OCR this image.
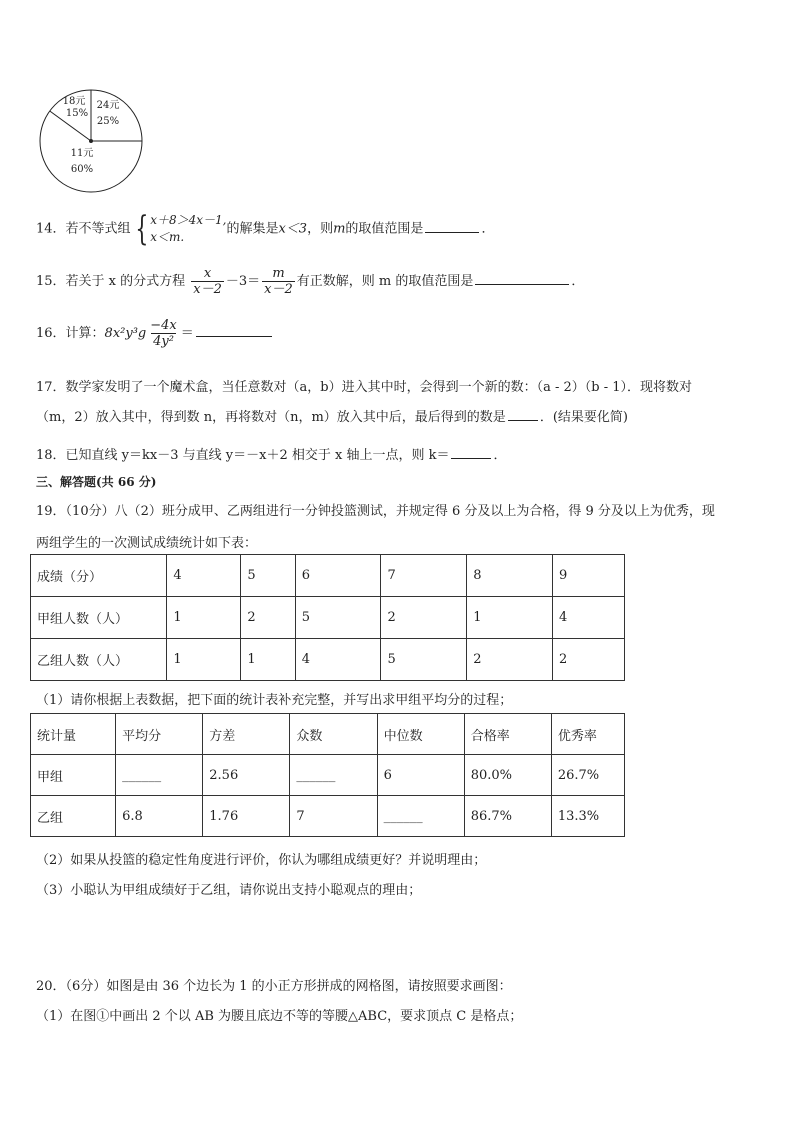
18元
15%
24元
25%
11元
60%
14．若不等式组 { x＋8＞4x－1,
x＜m.
的解集是x＜3，则m的取值范围是	．
15．若关于 x 的分式方程 $\frac{x}{x-2} -3= \frac{m}{x-2}$ 有正数解，则 m 的取值范围是	．
16．计算：$8x^2y^3g \frac{-4x}{\text{4y²}}$ ＝
17．数学家发明了一个魔术盒，当任意数对（a，b）进入其中时，会得到一个新的数：（a - 2）（b - 1）．现将数对
（m，2）放入其中，得到数 n，再将数对（n，m）放入其中后，最后得到的数是	．(结果要化简)
18．已知直线 y＝kx－3 与直线 y＝－x＋2 相交于 x 轴上一点，则 k＝	．
三、解答题(共 66 分)
19．（10分）八（2）班分成甲、乙两组进行一分钟投篮测试，并规定得 6 分及以上为合格，得 9 分及以上为优秀，现
两组学生的一次测试成绩统计如下表：
成绩（分）	4	5	6	7	8	9
甲组人数（人）	1	2	5	2	1	4
乙组人数（人）	1	1	4	5	2	2
（1）请你根据上表数据，把下面的统计表补充完整，并写出求甲组平均分的过程；
统计量	平均分	方差	众数	中位数	合格率	优秀率
甲组	______	2.56	______	6	80.0%	26.7%
乙组	6.8	1.76	7	______	86.7%	13.3%
（2）如果从投篮的稳定性角度进行评价，你认为哪组成绩更好？并说明理由；
（3）小聪认为甲组成绩好于乙组，请你说出支持小聪观点的理由；
20．（6分）如图是由 36 个边长为 1 的小正方形拼成的网格图，请按照要求画图：
（1）在图①中画出 2 个以 AB 为腰且底边不等的等腰△ABC，要求顶点 C 是格点；
